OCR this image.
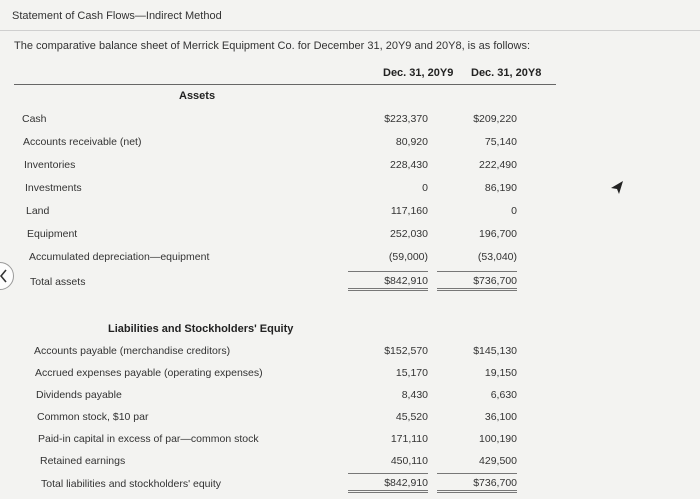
Statement of Cash Flows—Indirect Method
The comparative balance sheet of Merrick Equipment Co. for December 31, 20Y9 and 20Y8, is as follows:
Dec. 31, 20Y9 Dec. 31, 20Y8
Assets
Cash	$223,370	$209,220
Accounts receivable (net)	80,920	75,140
Inventories	228,430	222,490
Investments	0	86,190
Land	117,160	0
Equipment	252,030	196,700
Accumulated depreciation—equipment	(59,000)	(53,040)
Total assets	$842,910	$736,700
Liabilities and Stockholders' Equity
Accounts payable (merchandise creditors)	$152,570	$145,130
Accrued expenses payable (operating expenses)	15,170	19,150
Dividends payable	8,430	6,630
Common stock, $10 par	45,520	36,100
Paid-in capital in excess of par—common stock	171,110	100,190
Retained earnings	450,110	429,500
Total liabilities and stockholders' equity	$842,910	$736,700
